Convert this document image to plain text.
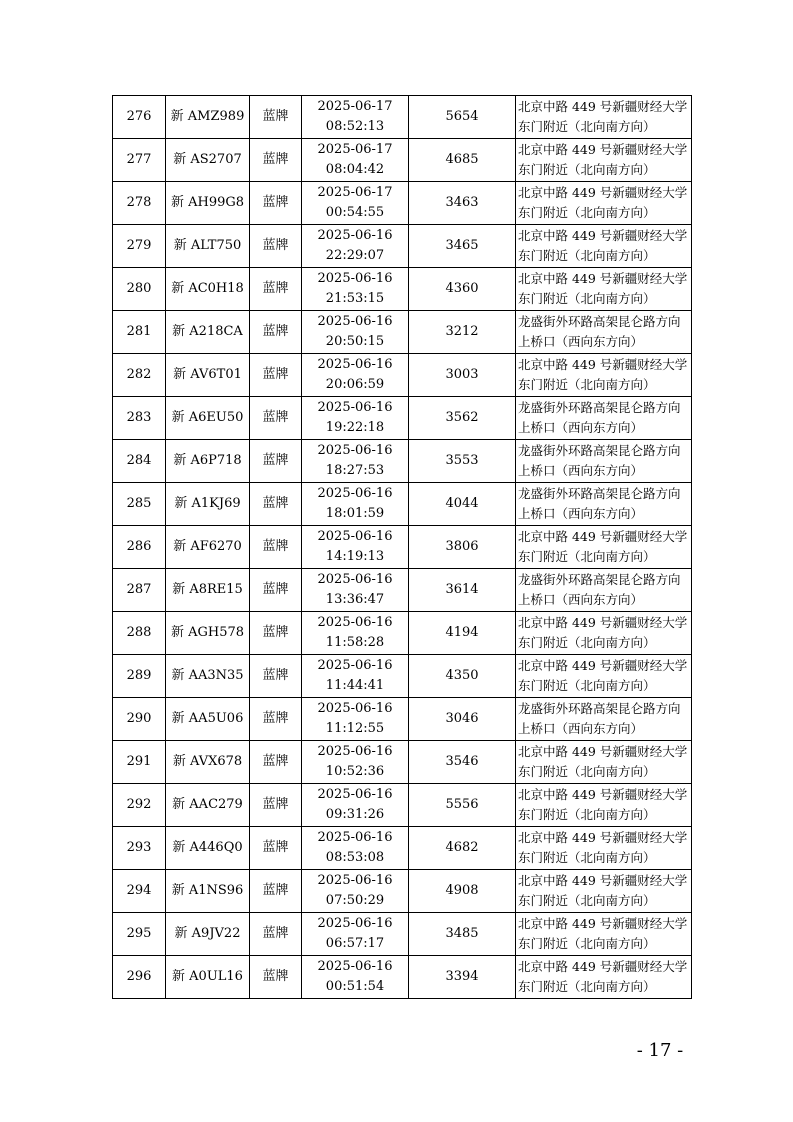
276	新 AMZ989	蓝牌	2025-06-17
08:52:13	5654	北京中路 449 号新疆财经大学
东门附近（北向南方向）

277	新 AS2707	蓝牌	2025-06-17
08:04:42	4685	北京中路 449 号新疆财经大学
东门附近（北向南方向）

278	新 AH99G8	蓝牌	2025-06-17
00:54:55	3463	北京中路 449 号新疆财经大学
东门附近（北向南方向）

279	新 ALT750	蓝牌	2025-06-16
22:29:07	3465	北京中路 449 号新疆财经大学
东门附近（北向南方向）

280	新 AC0H18	蓝牌	2025-06-16
21:53:15	4360	北京中路 449 号新疆财经大学
东门附近（北向南方向）

281	新 A218CA	蓝牌	2025-06-16
20:50:15	3212	龙盛街外环路高架昆仑路方向
上桥口（西向东方向）

282	新 AV6T01	蓝牌	2025-06-16
20:06:59	3003	北京中路 449 号新疆财经大学
东门附近（北向南方向）

283	新 A6EU50	蓝牌	2025-06-16
19:22:18	3562	龙盛街外环路高架昆仑路方向
上桥口（西向东方向）

284	新 A6P718	蓝牌	2025-06-16
18:27:53	3553	龙盛街外环路高架昆仑路方向
上桥口（西向东方向）

285	新 A1KJ69	蓝牌	2025-06-16
18:01:59	4044	龙盛街外环路高架昆仑路方向
上桥口（西向东方向）

286	新 AF6270	蓝牌	2025-06-16
14:19:13	3806	北京中路 449 号新疆财经大学
东门附近（北向南方向）

287	新 A8RE15	蓝牌	2025-06-16
13:36:47	3614	龙盛街外环路高架昆仑路方向
上桥口（西向东方向）

288	新 AGH578	蓝牌	2025-06-16
11:58:28	4194	北京中路 449 号新疆财经大学
东门附近（北向南方向）

289	新 AA3N35	蓝牌	2025-06-16
11:44:41	4350	北京中路 449 号新疆财经大学
东门附近（北向南方向）

290	新 AA5U06	蓝牌	2025-06-16
11:12:55	3046	龙盛街外环路高架昆仑路方向
上桥口（西向东方向）

291	新 AVX678	蓝牌	2025-06-16
10:52:36	3546	北京中路 449 号新疆财经大学
东门附近（北向南方向）

292	新 AAC279	蓝牌	2025-06-16
09:31:26	5556	北京中路 449 号新疆财经大学
东门附近（北向南方向）

293	新 A446Q0	蓝牌	2025-06-16
08:53:08	4682	北京中路 449 号新疆财经大学
东门附近（北向南方向）

294	新 A1NS96	蓝牌	2025-06-16
07:50:29	4908	北京中路 449 号新疆财经大学
东门附近（北向南方向）

295	新 A9JV22	蓝牌	2025-06-16
06:57:17	3485	北京中路 449 号新疆财经大学
东门附近（北向南方向）

296	新 A0UL16	蓝牌	2025-06-16
00:51:54	3394	北京中路 449 号新疆财经大学
东门附近（北向南方向）
- 17 -
